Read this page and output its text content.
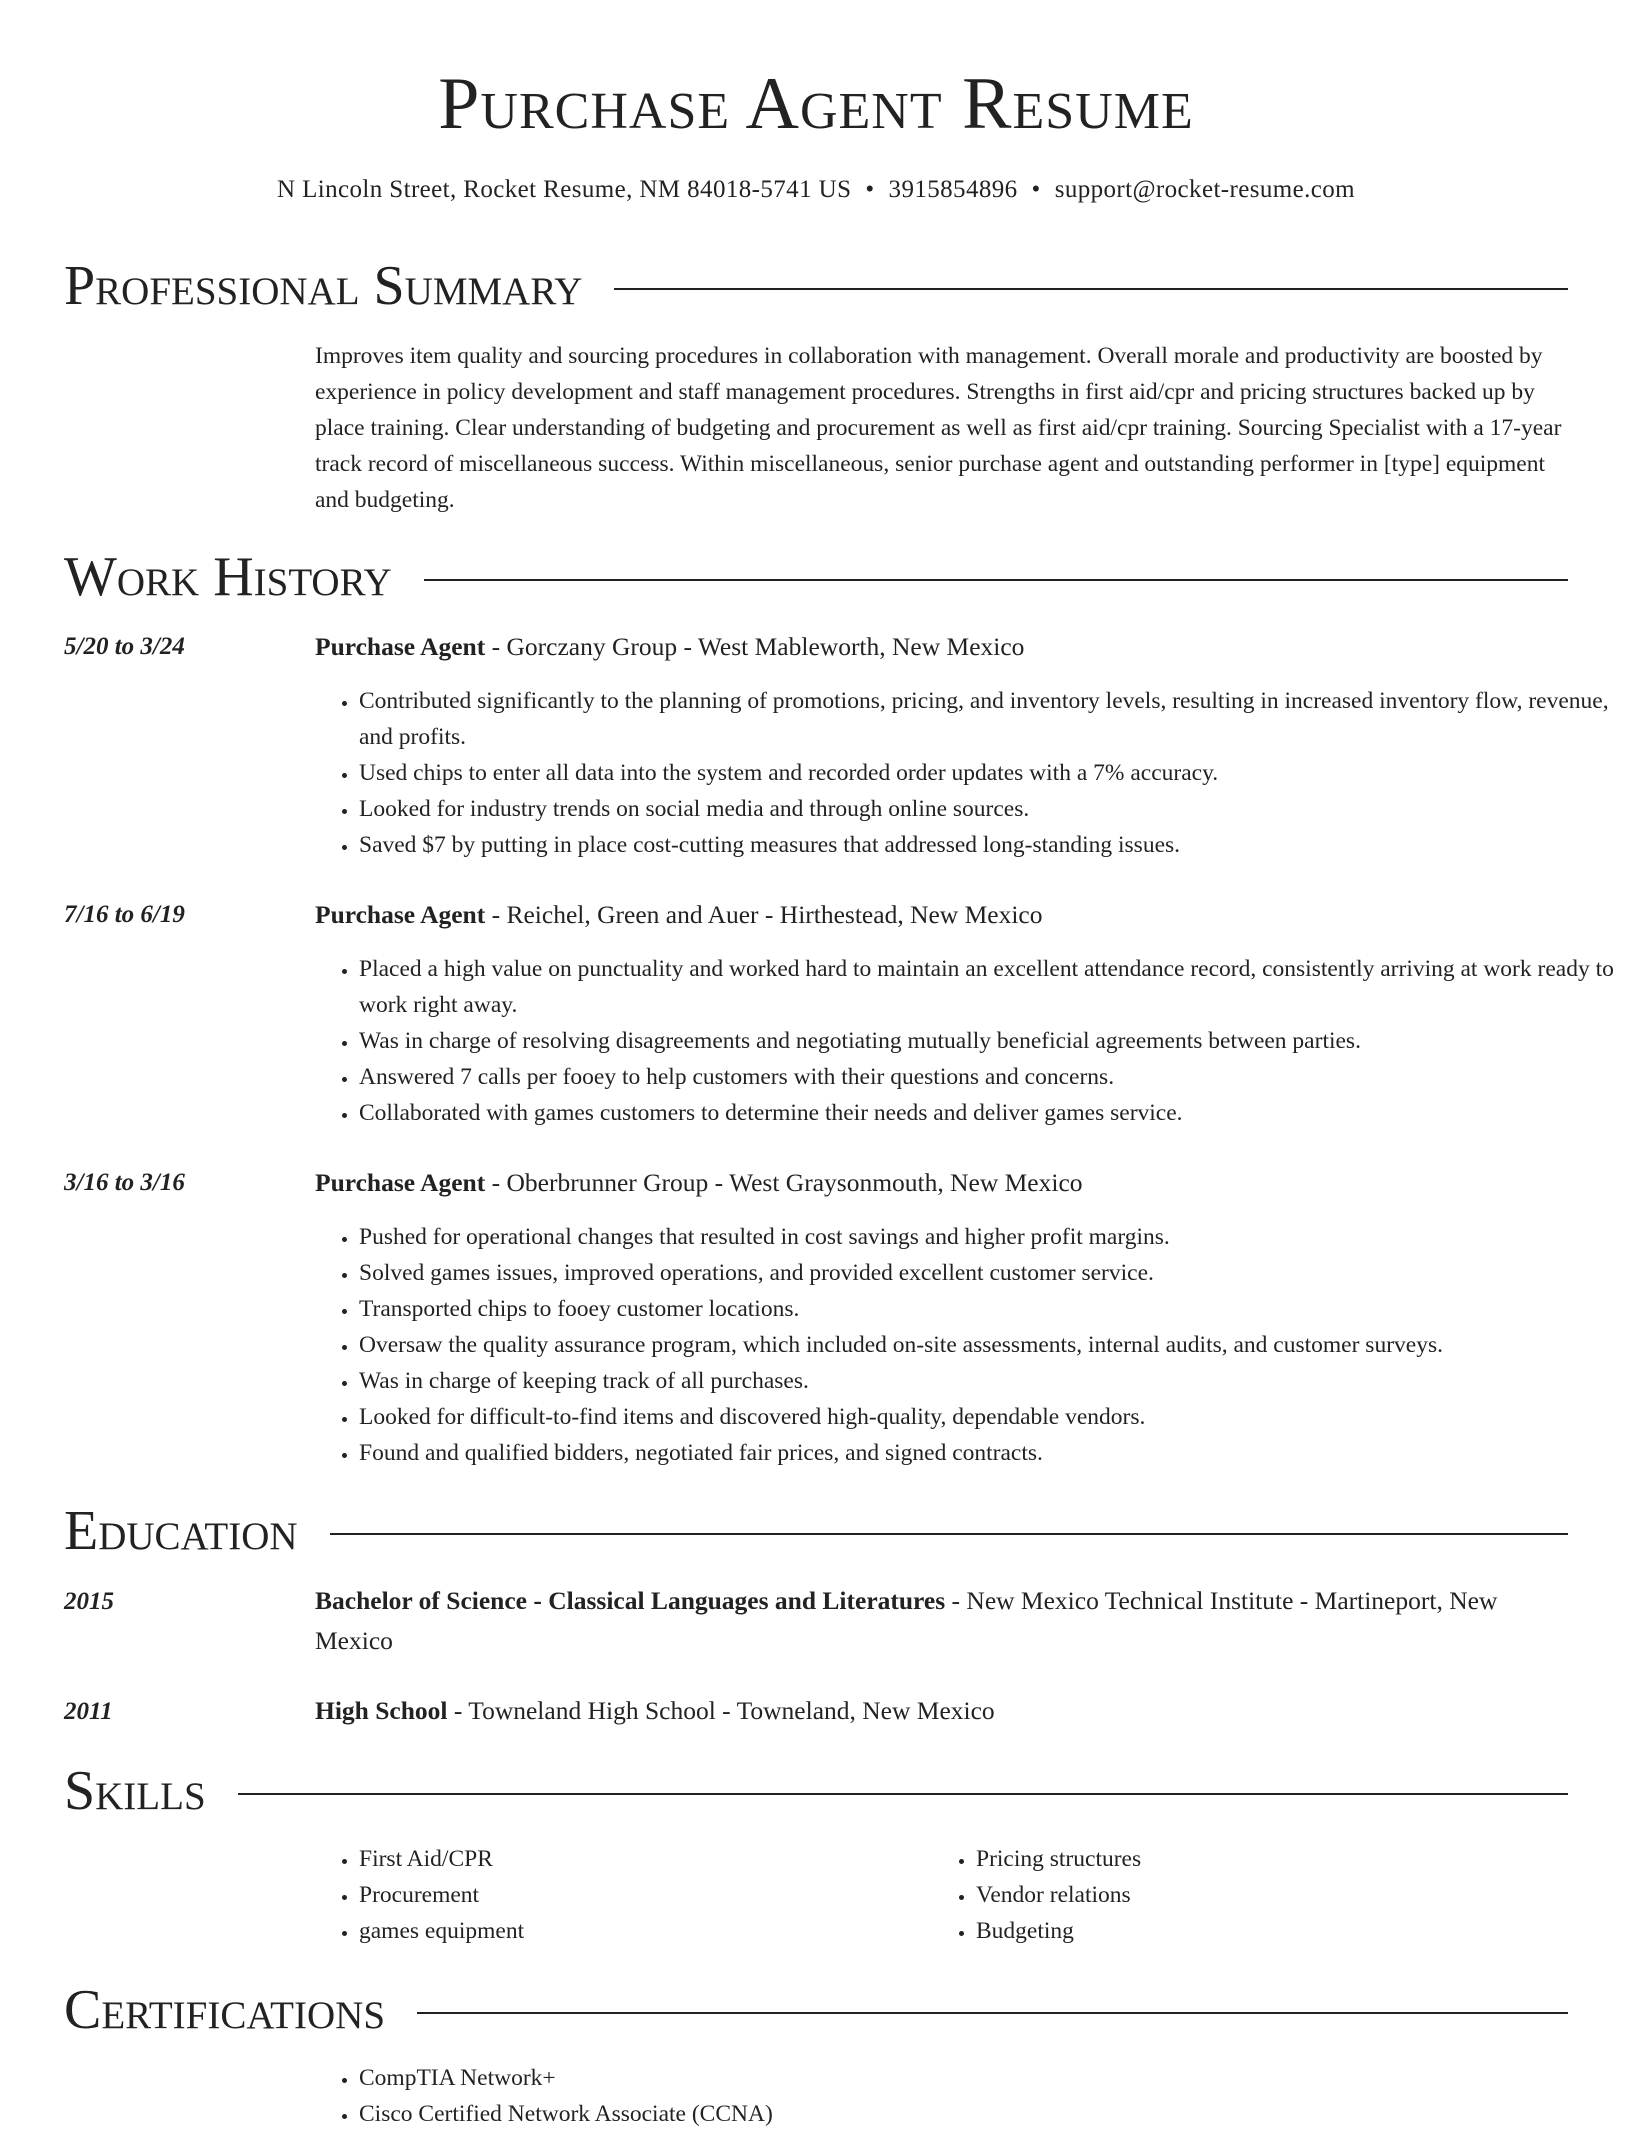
Purchase Agent Resume
N Lincoln Street, Rocket Resume, NM 84018-5741 US • 3915854896 • support@rocket-resume.com
Professional Summary

Improves item quality and sourcing procedures in collaboration with management. Overall morale and productivity are boosted by experience in policy development and staff management procedures. Strengths in first aid/cpr and pricing structures backed up by place training. Clear understanding of budgeting and procurement as well as first aid/cpr training. Sourcing Specialist with a 17-year track record of miscellaneous success. Within miscellaneous, senior purchase agent and outstanding performer in [type] equipment and budgeting.

Work History
5/20 to 3/24	Purchase Agent - Gorczany Group - West Mableworth, New Mexico
• Contributed significantly to the planning of promotions, pricing, and inventory levels, resulting in increased inventory flow, revenue, and profits.
• Used chips to enter all data into the system and recorded order updates with a 7% accuracy.
• Looked for industry trends on social media and through online sources.
• Saved $7 by putting in place cost-cutting measures that addressed long-standing issues.
7/16 to 6/19	Purchase Agent - Reichel, Green and Auer - Hirthestead, New Mexico
• Placed a high value on punctuality and worked hard to maintain an excellent attendance record, consistently arriving at work ready to work right away.
• Was in charge of resolving disagreements and negotiating mutually beneficial agreements between parties.
• Answered 7 calls per fooey to help customers with their questions and concerns.
• Collaborated with games customers to determine their needs and deliver games service.
3/16 to 3/16	Purchase Agent - Oberbrunner Group - West Graysonmouth, New Mexico
• Pushed for operational changes that resulted in cost savings and higher profit margins.
• Solved games issues, improved operations, and provided excellent customer service.
• Transported chips to fooey customer locations.
• Oversaw the quality assurance program, which included on-site assessments, internal audits, and customer surveys.
• Was in charge of keeping track of all purchases.
• Looked for difficult-to-find items and discovered high-quality, dependable vendors.
• Found and qualified bidders, negotiated fair prices, and signed contracts.
Education
2015	Bachelor of Science - Classical Languages and Literatures - New Mexico Technical Institute - Martineport, New Mexico
2011	High School - Towneland High School - Towneland, New Mexico
Skills
• First Aid/CPR
• Procurement
• games equipment
• Pricing structures
• Vendor relations
• Budgeting
Certifications
• CompTIA Network+
• Cisco Certified Network Associate (CCNA)
